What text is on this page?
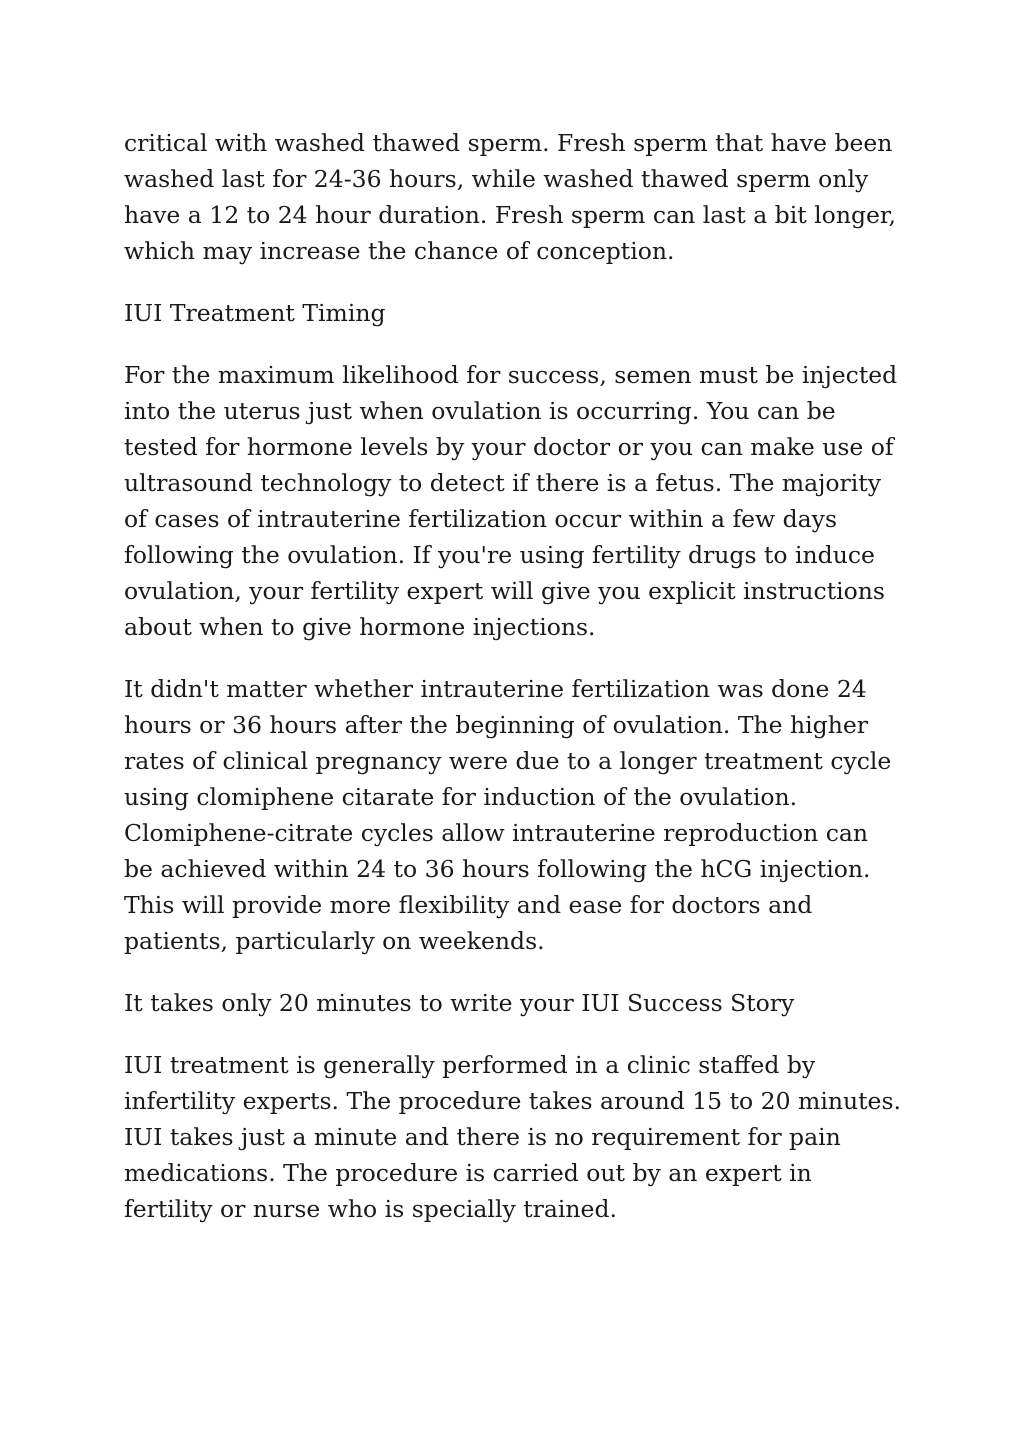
critical with washed thawed sperm. Fresh sperm that have been washed last for 24-36 hours, while washed thawed sperm only have a 12 to 24 hour duration. Fresh sperm can last a bit longer, which may increase the chance of conception.

IUI Treatment Timing

For the maximum likelihood for success, semen must be injected into the uterus just when ovulation is occurring. You can be tested for hormone levels by your doctor or you can make use of ultrasound technology to detect if there is a fetus. The majority of cases of intrauterine fertilization occur within a few days following the ovulation. If you're using fertility drugs to induce ovulation, your fertility expert will give you explicit instructions about when to give hormone injections.

It didn't matter whether intrauterine fertilization was done 24 hours or 36 hours after the beginning of ovulation. The higher rates of clinical pregnancy were due to a longer treatment cycle using clomiphene citarate for induction of the ovulation. Clomiphene-citrate cycles allow intrauterine reproduction can be achieved within 24 to 36 hours following the hCG injection. This will provide more flexibility and ease for doctors and patients, particularly on weekends.

It takes only 20 minutes to write your IUI Success Story

IUI treatment is generally performed in a clinic staffed by infertility experts. The procedure takes around 15 to 20 minutes. IUI takes just a minute and there is no requirement for pain medications. The procedure is carried out by an expert in fertility or nurse who is specially trained.
